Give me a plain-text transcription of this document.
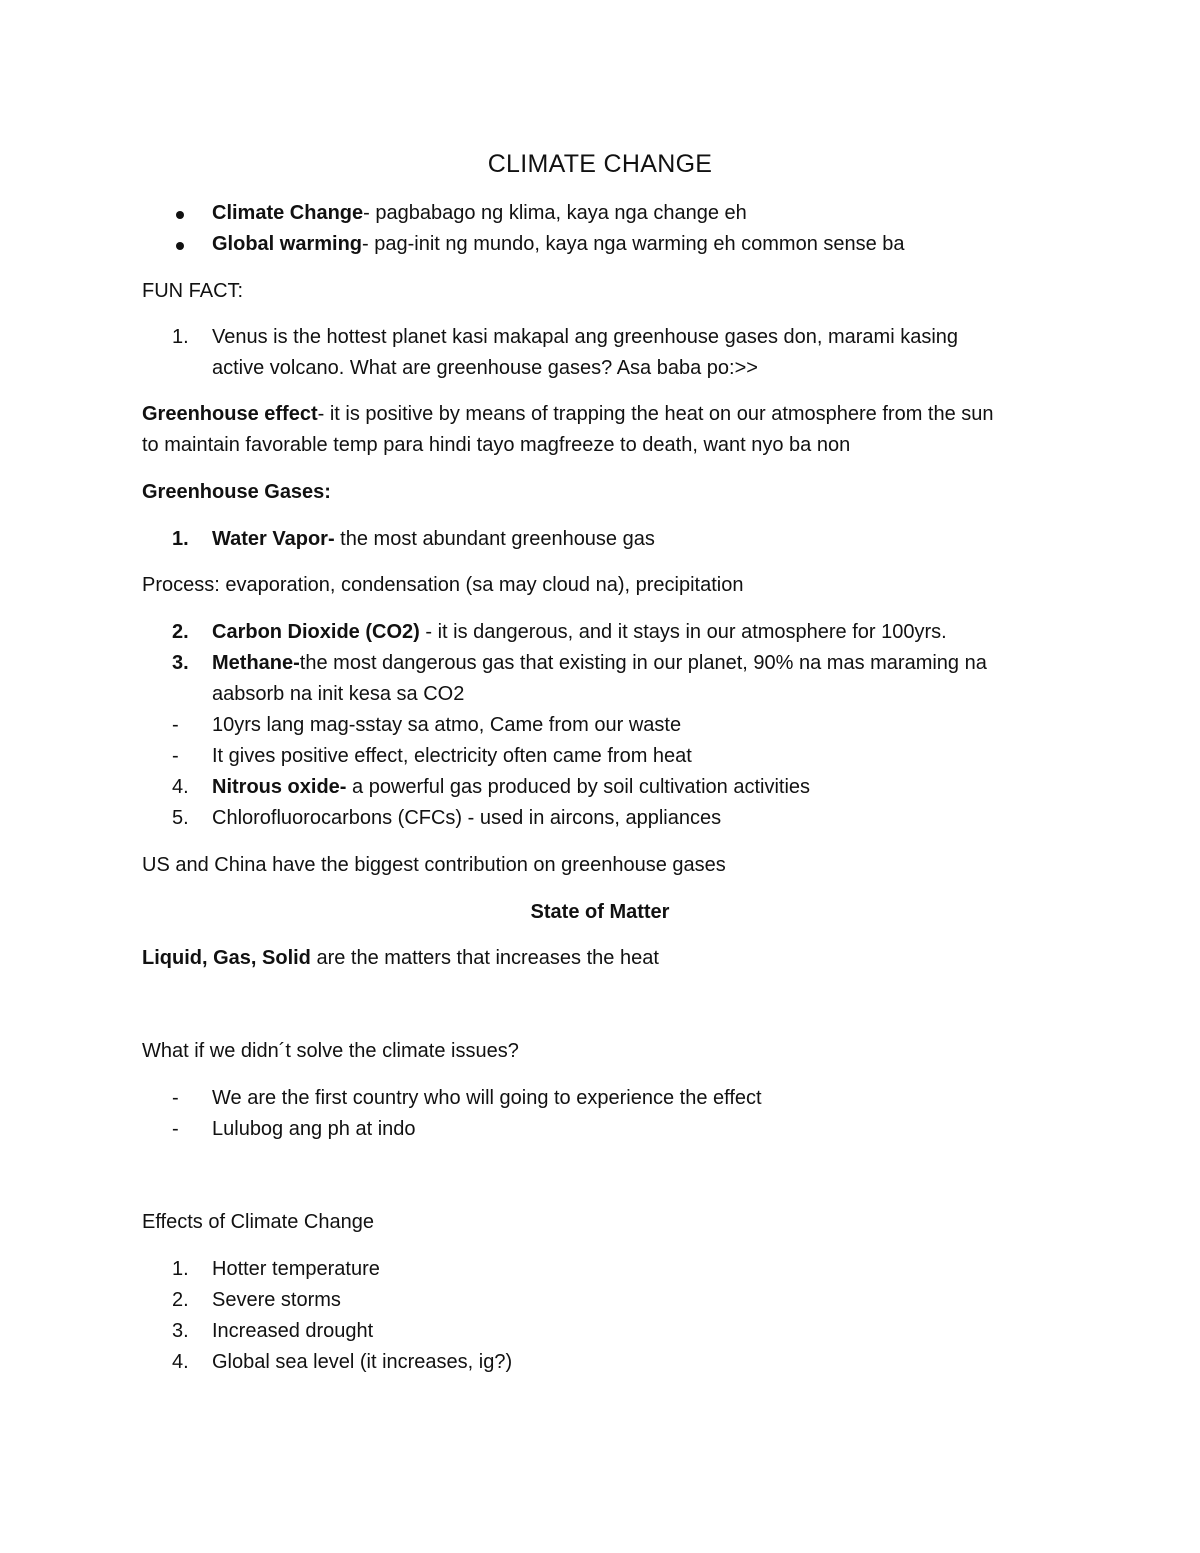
CLIMATE CHANGE
Climate Change- pagbabago ng klima, kaya nga change eh
Global warming- pag-init ng mundo, kaya nga warming eh common sense ba
FUN FACT:
1.	Venus is the hottest planet kasi makapal ang greenhouse gases don, marami kasing
active volcano. What are greenhouse gases? Asa baba po:>>
Greenhouse effect- it is positive by means of trapping the heat on our atmosphere from the sun
to maintain favorable temp para hindi tayo magfreeze to death, want nyo ba non
Greenhouse Gases:
1.	Water Vapor- the most abundant greenhouse gas
Process: evaporation, condensation (sa may cloud na), precipitation
2.	Carbon Dioxide (CO2) - it is dangerous, and it stays in our atmosphere for 100yrs.
3.	Methane-the most dangerous gas that existing in our planet, 90% na mas maraming na
aabsorb na init kesa sa CO2
-	10yrs lang mag-sstay sa atmo, Came from our waste
-	It gives positive effect, electricity often came from heat
4.	Nitrous oxide- a powerful gas produced by soil cultivation activities
5.	Chlorofluorocarbons (CFCs) - used in aircons, appliances
US and China have the biggest contribution on greenhouse gases
State of Matter
Liquid, Gas, Solid are the matters that increases the heat
What if we didn´t solve the climate issues?
-	We are the first country who will going to experience the effect
-	Lulubog ang ph at indo
Effects of Climate Change
1.	Hotter temperature
2.	Severe storms
3.	Increased drought
4.	Global sea level (it increases, ig?)
